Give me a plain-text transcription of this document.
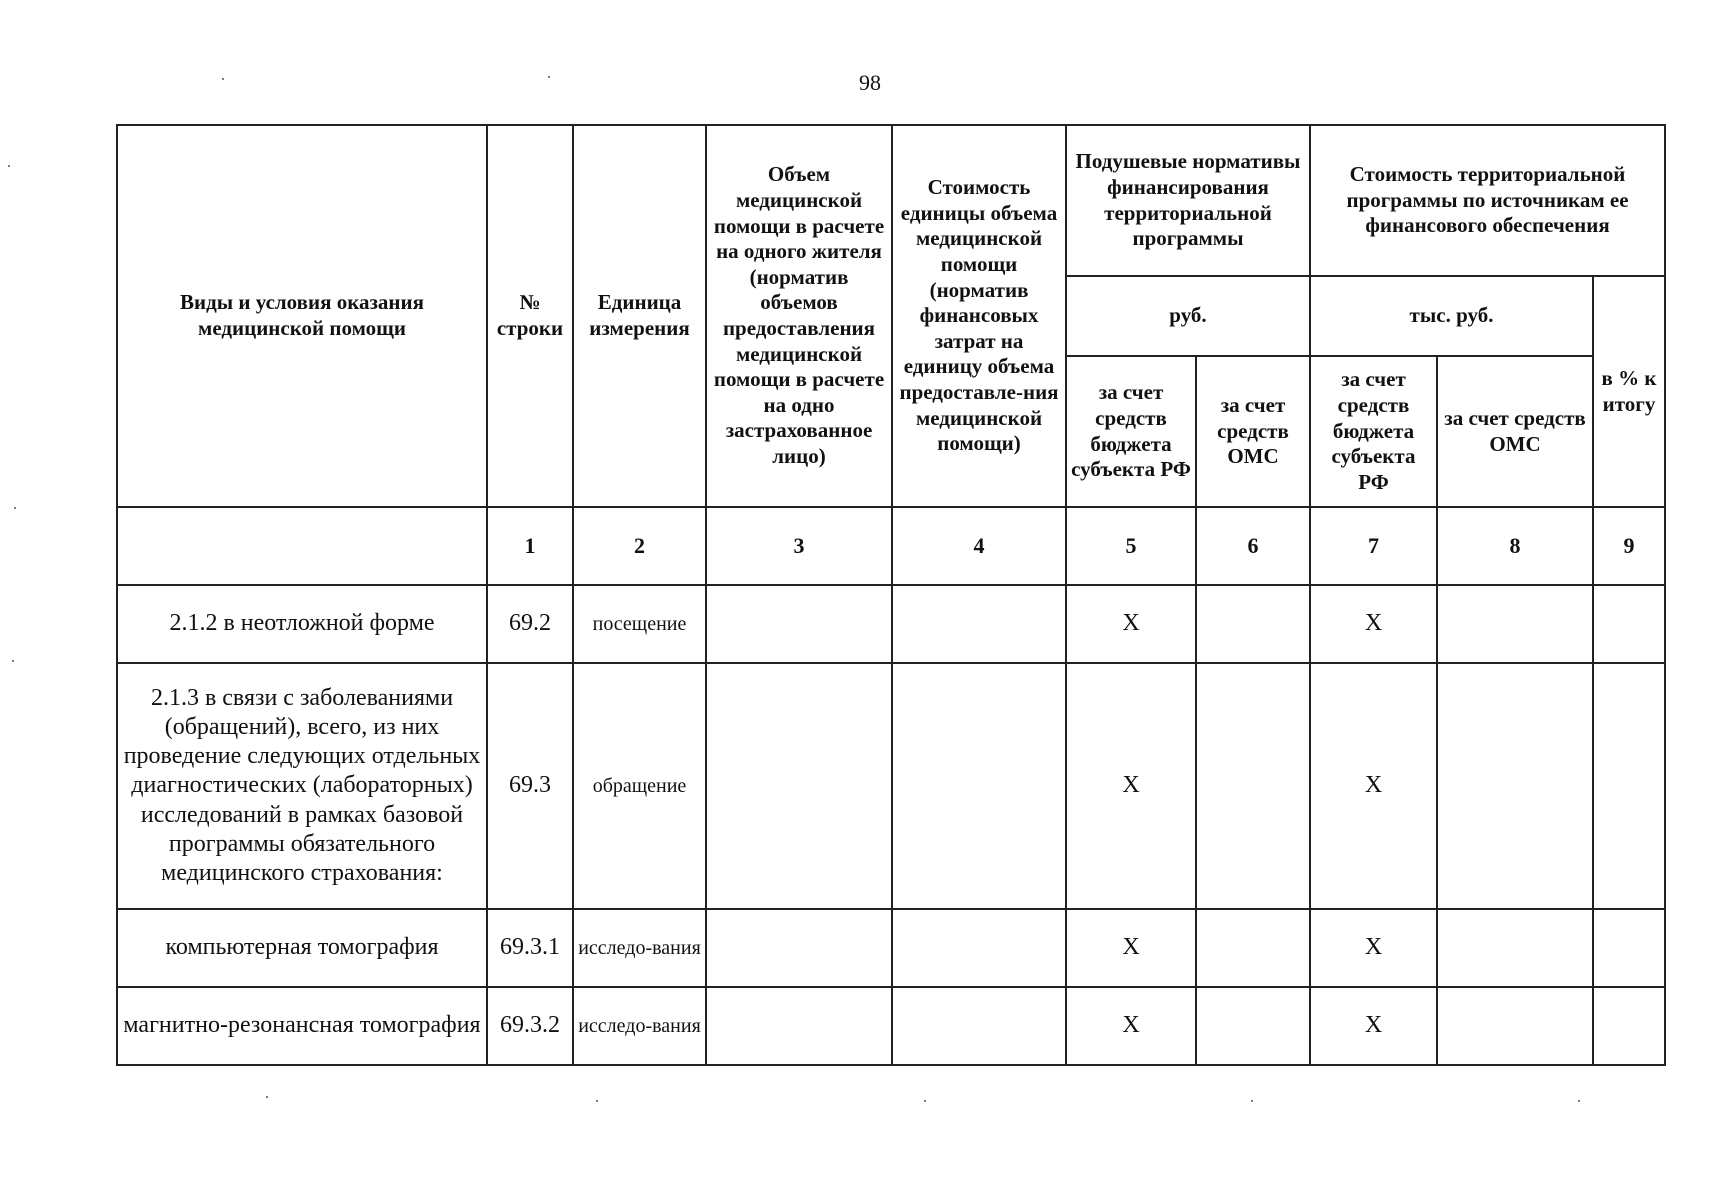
98
Виды и условия оказания медицинской помощи	№ строки	Единица измерения	Объем медицинской помощи в расчете на одного жителя (норматив объемов предоставления медицинской помощи в расчете на одно застрахованное лицо)	Стоимость единицы объема медицинской помощи (норматив финансовых затрат на единицу объема предоставле-ния медицинской помощи)	Подушевые нормативы финансирования территориальной программы		Стоимость территориальной программы по источникам ее финансового обеспечения		
					руб.		тыс. руб.		в % к итогу
					за счет средств бюджета субъекта РФ	за счет средств ОМС	за счет средств бюджета субъекта РФ	за счет средств ОМС	
	1	2	3	4	5	6	7	8	9
2.1.2 в неотложной форме	69.2	посещение			X		X		
2.1.3 в связи с заболеваниями (обращений), всего, из них проведение следующих отдельных диагностических (лабораторных) исследований в рамках базовой программы обязательного медицинского страхования:	69.3	обращение			X		X		
компьютерная томография	69.3.1	исследо-вания			X		X		
магнитно-резонансная томография	69.3.2	исследо-вания			X		X		
